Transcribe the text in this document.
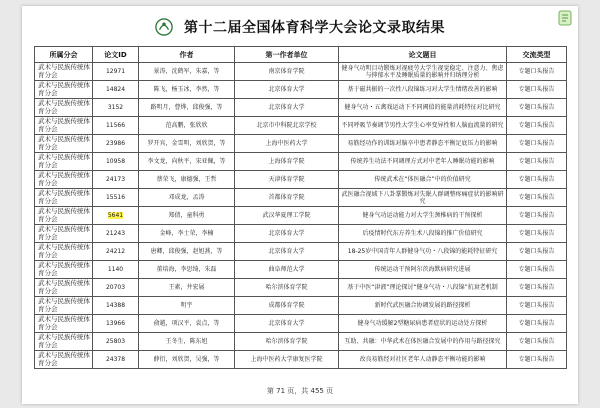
第十二届全国体育科学大会论文录取结果
所属分会	论文ID	作者	第一作者单位	论文题目	交流类型
武术与民族传统体育分会	12971	景涛，沈鹤军，朱嘉，等	南京体育学院	健身气功明目功锻炼对视疲劳大学生视觉稳定、注意力、焦虑与抑郁水平及睡眠质量的影响并归纳理分析	专题口头报告
武术与民族传统体育分会	14824	陈飞，杨玉冰，李然，等	北京体育大学	基于磁共振的一次性八段锦练习对大学生情绪改善的影响	专题口头报告
武术与民族传统体育分会	3152	路明月，曹烨，邱俊强，等	北京体育大学	健身气功・五禽戏运动下不同阈值的能量消耗特征对比研究	专题口头报告
武术与民族传统体育分会	11566	范高鹏，张欣欣	北京市中科院北京学校	不同呼吸节奏调节男性大学生心率变异性和人脑血流量的研究	专题口头报告
武术与民族传统体育分会	23986	罗开宾，金雪明，刘欣贺，等	上海中医药大学	易筋经功作的训练对脑卒中患者静态平衡足底压力的影响	专题口头报告
武术与民族传统体育分会	10958	李文龙，向秋平，宋亚佩，等	上海体育学院	传统养生功法不同调理方式对中老年人睡眠功能的影响	专题口头报告
武术与民族传统体育分会	24173	蔡荣飞，康德强，王哲	天津体育学院	传统武术在“体医融合”中的价值研究	专题口头报告
武术与民族传统体育分会	15516	邓成龙，孟涛	首都体育学院	武医融合视域下八卦掌锻炼对失眠人群调整疼痛症状的影响研究	专题口头报告
武术与民族传统体育分会	5641	郑倩，童科勇	武汉华夏理工学院	健身气功运动能力对大学生颈椎病的干预探析	专题口头报告
武术与民族传统体育分会	21243	金峰，李士荣，李楠	北京体育大学	后疫情时代东方养生术八段锦的推广价值研究	专题口头报告
武术与民族传统体育分会	24212	唐卿，邱俊强，赵旭燕，等	北京体育大学	18-25岁中国青年人群健身气功・八段锦的能耗特征研究	专题口头报告
武术与民族传统体育分会	1140	董培海，李思绮，朱磊	曲阜师范大学	传统运动干预阿尔茨海默病研究进展	专题口头报告
武术与民族传统体育分会	20703	王素，井宏展	哈尔滨体育学院	基于中医“津液”理论探讨“健身气功・八段锦”抗衰老机制	专题口头报告
武术与民族传统体育分会	14388	明宇	成都体育学院	新时代武医融合协调发展的路径探析	专题口头报告
武术与民族传统体育分会	13966	俞越，项汉平，袁点，等	北京体育大学	健身气功缓解2型糖尿病患者症状的运动处方探析	专题口头报告
武术与民族传统体育分会	25803	王冬生，陈东旭	哈尔滨体育学院	互助、共融：中华武术在体医融合发展中的作用与路径探究	专题口头报告
武术与民族传统体育分会	24378	薛衍，刘欣贺，吴强，等	上海中医药大学康复医学院	改良易筋经对社区老年人动静态平衡功能的影响	专题口头报告
第 71 页，共 455 页
